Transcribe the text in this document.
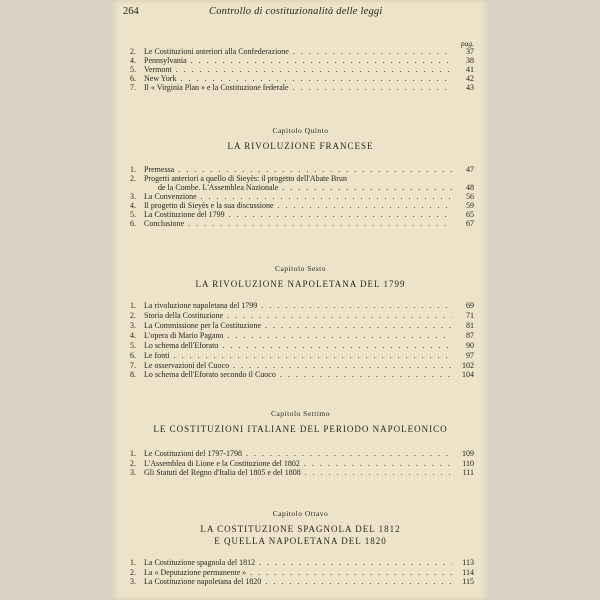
264	Controllo di costituzionalità delle leggi
pag.
2. Le Costituzioni anteriori alla Confederazione . . .	37
4. Pennsylvania . . .	38
5. Vermont . . .	41
6. New York . . .	42
7. Il « Virginia Plan » e la Costituzione federale . . .	43
Capitolo Quinto
LA RIVOLUZIONE FRANCESE
1. Premessa . . .	47
2. Progetti anteriori a quello di Sieyès: il progetto dell'Abate Brun
de la Combe. L'Assemblea Nazionale . . .	48
3. La Convenzione . . .	56
4. Il progetto di Sieyès e la sua discussione . . .	59
5. La Costituzione del 1799 . . .	65
6. Conclusione . . .	67
Capitolo Sesto
LA RIVOLUZIONE NAPOLETANA DEL 1799
1. La rivoluzione napoletana del 1799 . . .	69
2. Storia della Costituzione . . .	71
3. La Commissione per la Costituzione . . .	81
4. L'opera di Mario Pagano . . .	87
5. Lo schema dell'Eforato . . .	90
6. Le fonti . . .	97
7. Le osservazioni del Cuoco . . .	102
8. Lo schema dell'Eforato secondo il Cuoco . . .	104
Capitolo Settimo
LE COSTITUZIONI ITALIANE DEL PERIODO NAPOLEONICO
1. Le Costituzioni del 1797-1798 . . .	109
2. L'Assemblea di Lione e la Costituzione del 1802 . . .	110
3. Gli Statuti del Regno d'Italia del 1805 e del 1808 . . .	111
Capitolo Ottavo
LA COSTITUZIONE SPAGNOLA DEL 1812
E QUELLA NAPOLETANA DEL 1820
1. La Costituzione spagnola del 1812 . . .	113
2. La « Deputazione permanente » . . .	114
3. La Costituzione napoletana del 1820 . . .	115
